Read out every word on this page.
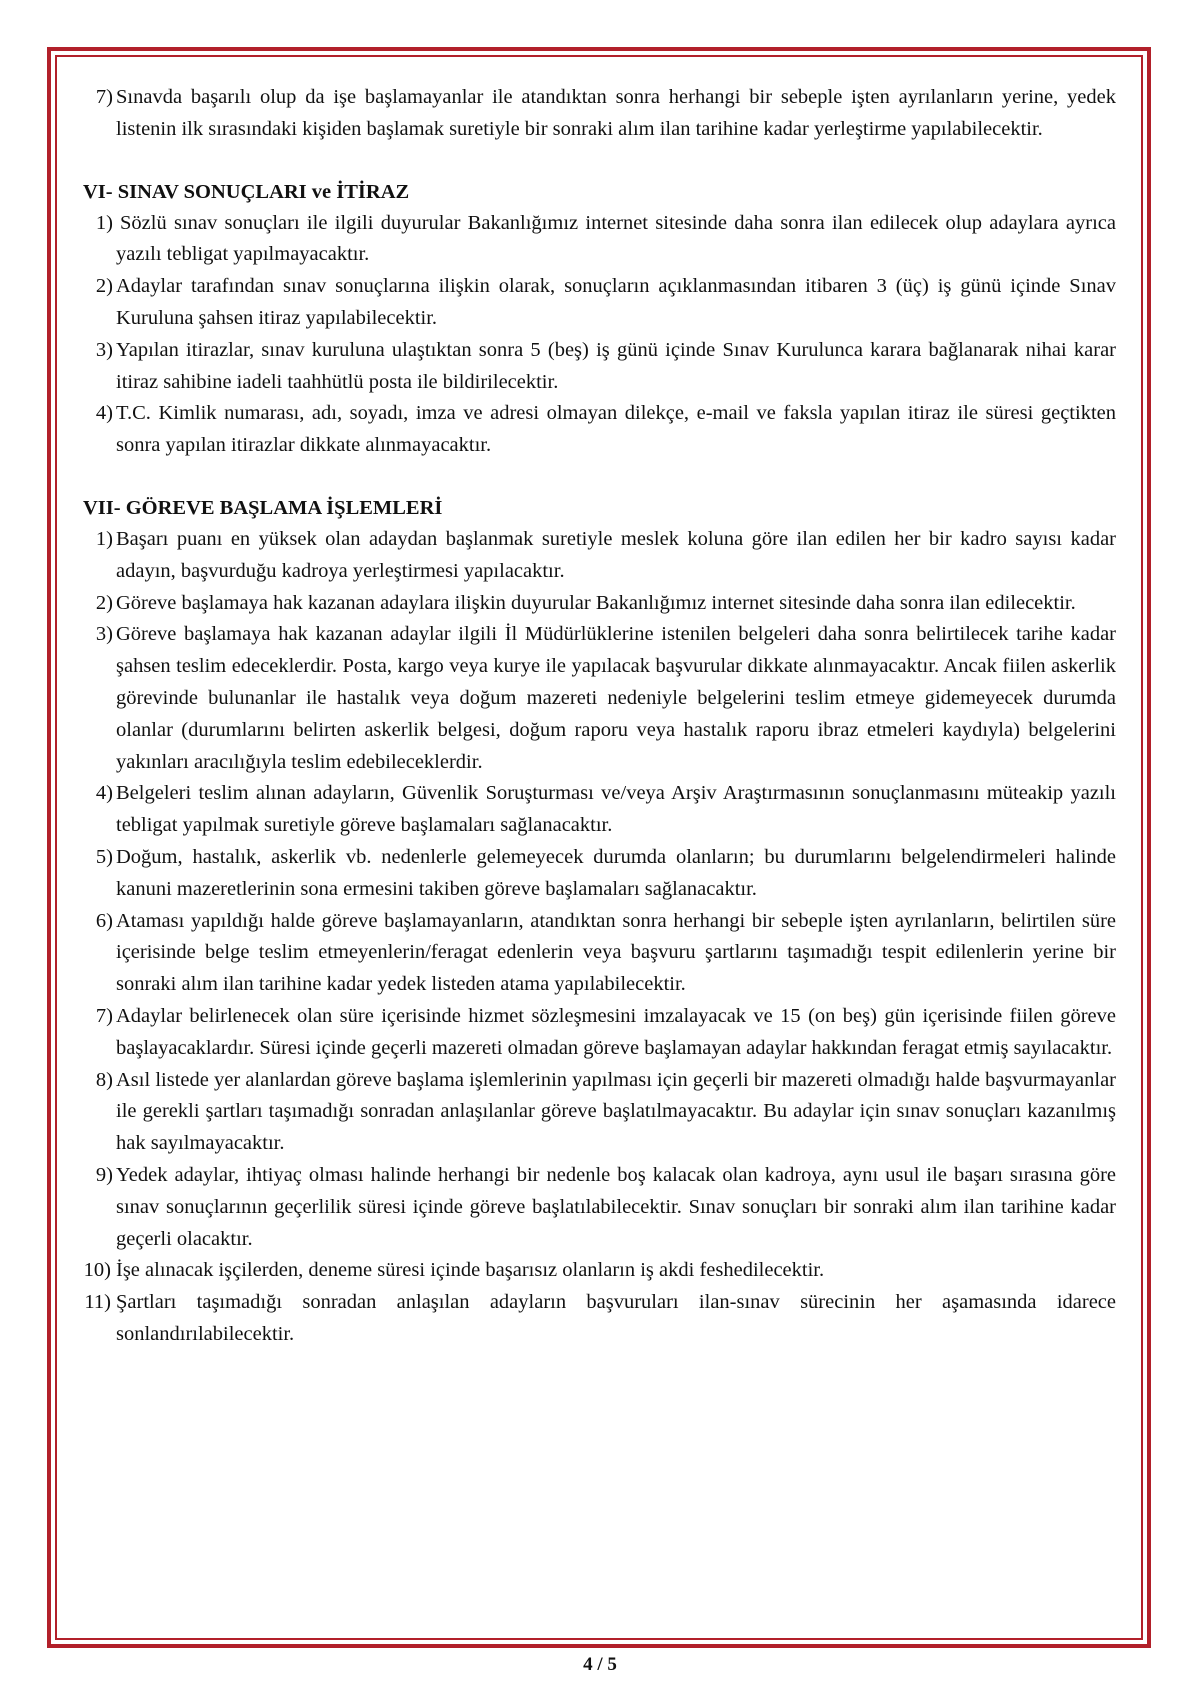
7) Sınavda başarılı olup da işe başlamayanlar ile atandıktan sonra herhangi bir sebeple işten ayrılanların yerine, yedek listenin ilk sırasındaki kişiden başlamak suretiyle bir sonraki alım ilan tarihine kadar yerleştirme yapılabilecektir.
VI- SINAV SONUÇLARI ve İTİRAZ
1) Sözlü sınav sonuçları ile ilgili duyurular Bakanlığımız internet sitesinde daha sonra ilan edilecek olup adaylara ayrıca yazılı tebligat yapılmayacaktır.
2) Adaylar tarafından sınav sonuçlarına ilişkin olarak, sonuçların açıklanmasından itibaren 3 (üç) iş günü içinde Sınav Kuruluna şahsen itiraz yapılabilecektir.
3) Yapılan itirazlar, sınav kuruluna ulaştıktan sonra 5 (beş) iş günü içinde Sınav Kurulunca karara bağlanarak nihai karar itiraz sahibine iadeli taahhütlü posta ile bildirilecektir.
4) T.C. Kimlik numarası, adı, soyadı, imza ve adresi olmayan dilekçe, e-mail ve faksla yapılan itiraz ile süresi geçtikten sonra yapılan itirazlar dikkate alınmayacaktır.
VII- GÖREVE BAŞLAMA İŞLEMLERİ
1) Başarı puanı en yüksek olan adaydan başlanmak suretiyle meslek koluna göre ilan edilen her bir kadro sayısı kadar adayın, başvurduğu kadroya yerleştirmesi yapılacaktır.
2) Göreve başlamaya hak kazanan adaylara ilişkin duyurular Bakanlığımız internet sitesinde daha sonra ilan edilecektir.
3) Göreve başlamaya hak kazanan adaylar ilgili İl Müdürlüklerine istenilen belgeleri daha sonra belirtilecek tarihe kadar şahsen teslim edeceklerdir. Posta, kargo veya kurye ile yapılacak başvurular dikkate alınmayacaktır. Ancak fiilen askerlik görevinde bulunanlar ile hastalık veya doğum mazereti nedeniyle belgelerini teslim etmeye gidemeyecek durumda olanlar (durumlarını belirten askerlik belgesi, doğum raporu veya hastalık raporu ibraz etmeleri kaydıyla) belgelerini yakınları aracılığıyla teslim edebileceklerdir.
4) Belgeleri teslim alınan adayların, Güvenlik Soruşturması ve/veya Arşiv Araştırmasının sonuçlanmasını müteakip yazılı tebligat yapılmak suretiyle göreve başlamaları sağlanacaktır.
5) Doğum, hastalık, askerlik vb. nedenlerle gelemeyecek durumda olanların; bu durumlarını belgelendirmeleri halinde kanuni mazeretlerinin sona ermesini takiben göreve başlamaları sağlanacaktır.
6) Ataması yapıldığı halde göreve başlamayanların, atandıktan sonra herhangi bir sebeple işten ayrılanların, belirtilen süre içerisinde belge teslim etmeyenlerin/feragat edenlerin veya başvuru şartlarını taşımadığı tespit edilenlerin yerine bir sonraki alım ilan tarihine kadar yedek listeden atama yapılabilecektir.
7) Adaylar belirlenecek olan süre içerisinde hizmet sözleşmesini imzalayacak ve 15 (on beş) gün içerisinde fiilen göreve başlayacaklardır. Süresi içinde geçerli mazereti olmadan göreve başlamayan adaylar hakkından feragat etmiş sayılacaktır.
8) Asıl listede yer alanlardan göreve başlama işlemlerinin yapılması için geçerli bir mazereti olmadığı halde başvurmayanlar ile gerekli şartları taşımadığı sonradan anlaşılanlar göreve başlatılmayacaktır. Bu adaylar için sınav sonuçları kazanılmış hak sayılmayacaktır.
9) Yedek adaylar, ihtiyaç olması halinde herhangi bir nedenle boş kalacak olan kadroya, aynı usul ile başarı sırasına göre sınav sonuçlarının geçerlilik süresi içinde göreve başlatılabilecektir. Sınav sonuçları bir sonraki alım ilan tarihine kadar geçerli olacaktır.
10) İşe alınacak işçilerden, deneme süresi içinde başarısız olanların iş akdi feshedilecektir.
11) Şartları taşımadığı sonradan anlaşılan adayların başvuruları ilan-sınav sürecinin her aşamasında idarece sonlandırılabilecektir.
4 / 5
